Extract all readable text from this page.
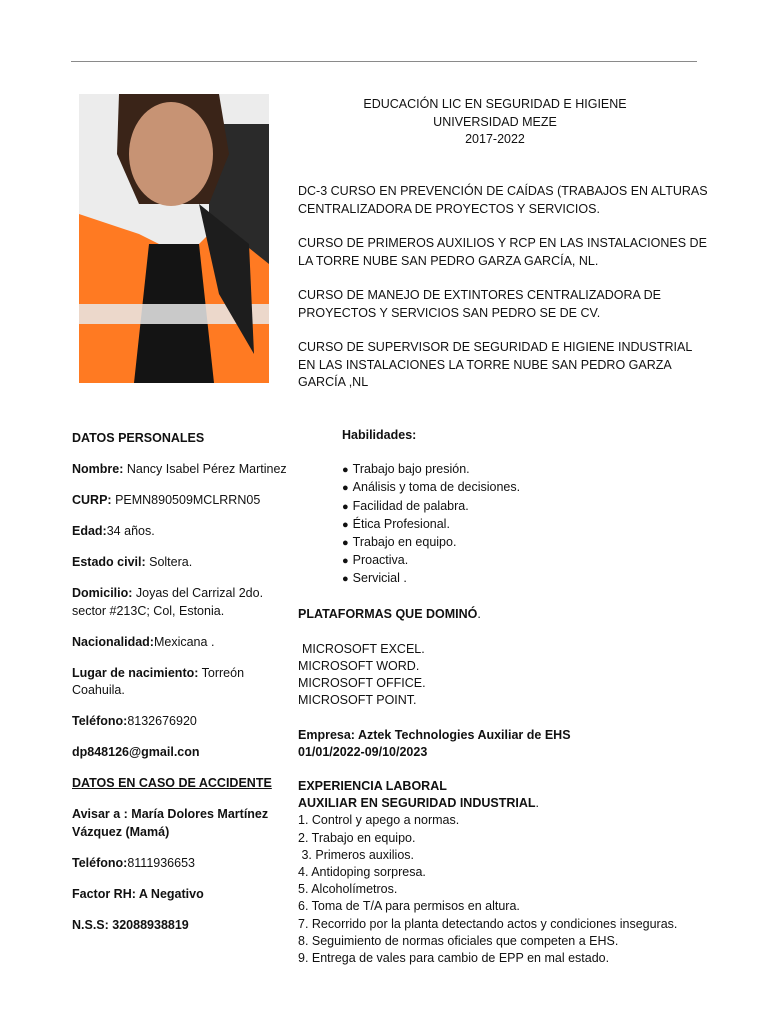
EDUCACIÓN LIC EN SEGURIDAD E HIGIENE
UNIVERSIDAD MEZE
2017-2022
DC-3 CURSO EN PREVENCIÓN DE CAÍDAS (TRABAJOS EN ALTURAS CENTRALIZADORA DE PROYECTOS Y SERVICIOS.
CURSO DE PRIMEROS AUXILIOS Y RCP EN LAS INSTALACIONES DE LA TORRE NUBE SAN PEDRO GARZA GARCÍA, NL.
CURSO DE MANEJO DE EXTINTORES CENTRALIZADORA DE PROYECTOS Y SERVICIOS SAN PEDRO SE DE CV.
CURSO DE SUPERVISOR DE SEGURIDAD E HIGIENE INDUSTRIAL EN LAS INSTALACIONES LA TORRE NUBE SAN PEDRO GARZA GARCÍA ,NL
DATOS PERSONALES
Nombre: Nancy Isabel Pérez Martinez
CURP: PEMN890509MCLRRN05
Edad:34 años.
Estado civil: Soltera.
Domicilio: Joyas del Carrizal 2do. sector #213C; Col, Estonia.
Nacionalidad:Mexicana .
Lugar de nacimiento: Torreón Coahuila.
Teléfono:8132676920
dp848126@gmail.con
DATOS EN CASO DE ACCIDENTE
Avisar a : María Dolores Martínez Vázquez (Mamá)
Teléfono:8111936653
Factor RH: A Negativo
N.S.S: 32088938819
Habilidades:
● Trabajo bajo presión.
● Análisis y toma de decisiones.
● Facilidad de palabra.
● Ética Profesional.
● Trabajo en equipo.
● Proactiva.
● Servicial .
PLATAFORMAS QUE DOMINÓ.
MICROSOFT EXCEL.
MICROSOFT WORD.
MICROSOFT OFFICE.
MICROSOFT POINT.
Empresa: Aztek Technologies Auxiliar de EHS
01/01/2022-09/10/2023
EXPERIENCIA LABORAL
AUXILIAR EN SEGURIDAD INDUSTRIAL.
1. Control y apego a normas.
2. Trabajo en equipo.
3. Primeros auxilios.
4. Antidoping sorpresa.
5. Alcoholímetros.
6. Toma de T/A para permisos en altura.
7. Recorrido por la planta detectando actos y condiciones inseguras.
8. Seguimiento de normas oficiales que competen a EHS.
9. Entrega de vales para cambio de EPP en mal estado.
